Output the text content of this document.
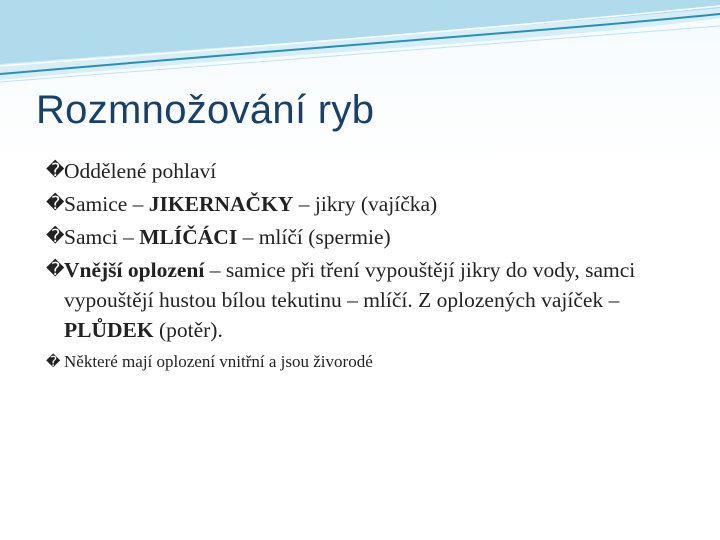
Rozmnožování ryb
� Oddělené pohlaví
� Samice – JIKERNAČKY – jikry (vajíčka)
� Samci – MLÍČÁCI – mlíčí (spermie)
� Vnější oplození – samice při tření vypouštějí jikry do vody, samci vypouštějí hustou bílou tekutinu – mlíčí. Z oplozených vajíček – PLŮDEK (potěr).
� Některé mají oplození vnitřní a jsou živorodé
